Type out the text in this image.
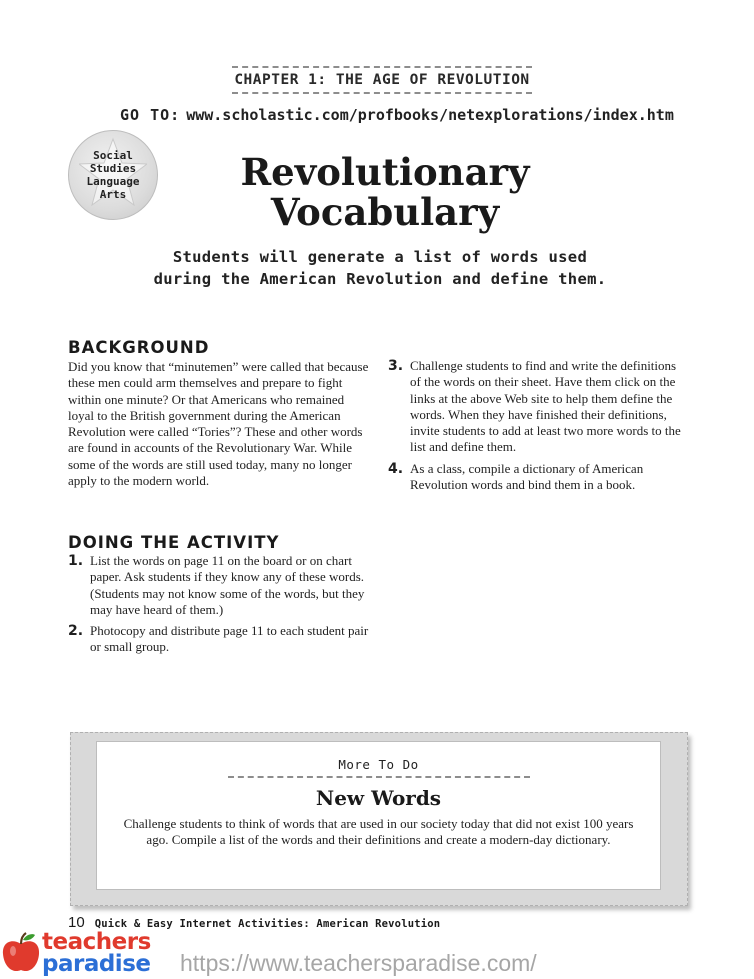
CHAPTER 1: THE AGE OF REVOLUTION
GO TO: www.scholastic.com/profbooks/netexplorations/index.htm
Social
Studies
Language
Arts
Revolutionary
Vocabulary
Students will generate a list of words used
during the American Revolution and define them.
BACKGROUND

Did you know that “minutemen” were called that because these men could arm themselves and prepare to fight within one minute? Or that Americans who remained loyal to the British government during the American Revolution were called “Tories”? These and other words are found in accounts of the Revolutionary War. While some of the words are still used today, many no longer apply to the modern world.

DOING THE ACTIVITY
1. List the words on page 11 on the board or on chart paper. Ask students if they know any of these words. (Students may not know some of the words, but they may have heard of them.)
2. Photocopy and distribute page 11 to each student pair or small group.
3. Challenge students to find and write the definitions of the words on their sheet. Have them click on the links at the above Web site to help them define the words. When they have finished their definitions, invite students to add at least two more words to the list and define them.
4. As a class, compile a dictionary of American Revolution words and bind them in a book.
More To Do
New Words
Challenge students to think of words that are used in our society today that did not exist 100 years ago. Compile a list of the words and their definitions and create a modern-day dictionary.
10 Quick & Easy Internet Activities: American Revolution
teachers
paradise https://www.teachersparadise.com/
